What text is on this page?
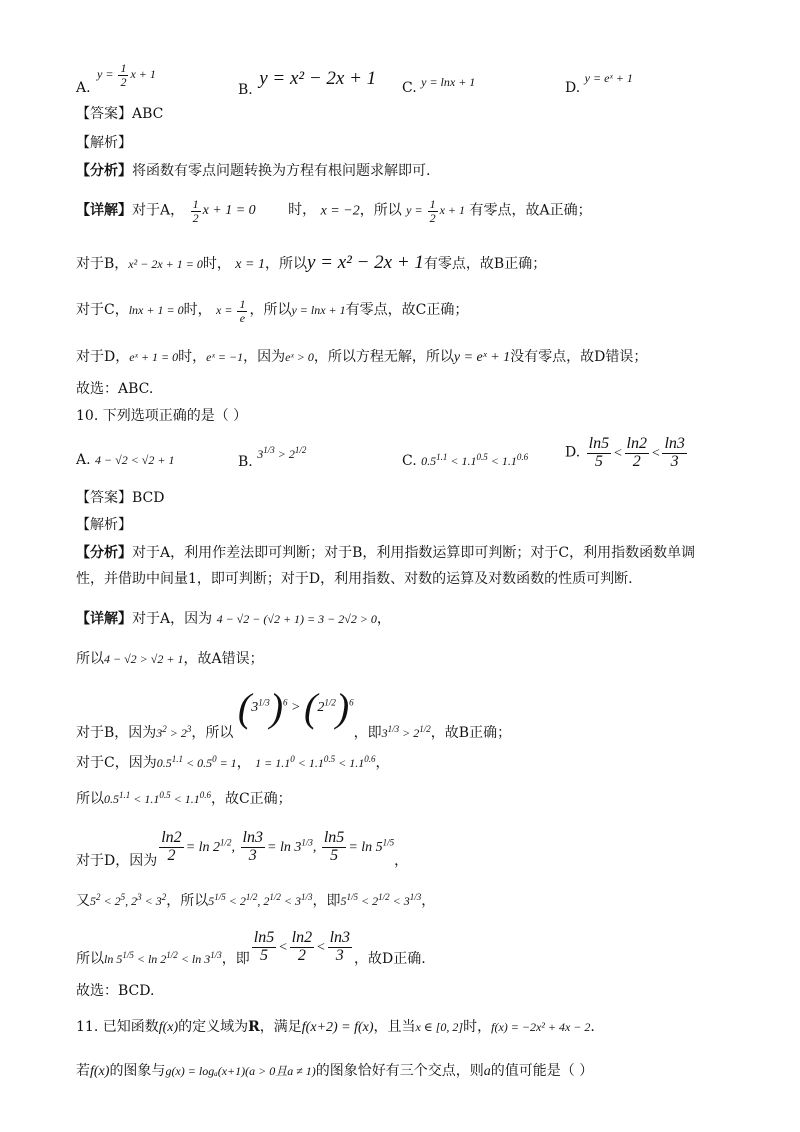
A. $y = \frac{1}{2}$ x + 1
B. y = x² − 2x + 1 C. y = lnx + 1	D. y = eˣ + 1
【答案】ABC
【解析】
【分析】将函数有零点问题转换为方程有根问题求解即可.
【详解】对于A， $\frac{1}{2}$ x + 1 = 0 时， x = −2，所以 $y = \frac{1}{2}$ x + 1 有零点，故A正确；
对于B，x² − 2x + 1 = 0时， x = 1，所以y = x² − 2x + 1有零点，故B正确；
对于C，lnx + 1 = 0时， $x = \frac{1}{e}$ ，所以y = lnx + 1有零点，故C正确；
对于D，eˣ + 1 = 0时，eˣ = −1，因为eˣ > 0，所以方程无解，所以y = eˣ + 1没有零点，故D错误；
故选：ABC.
10. 下列选项正确的是（ ）
A. 4 − √2 < √2 + 1	B. $3^{1/3} > 2^{1/2}$
C. $0.5^{1.1} < 1.1^{0.5} < 1.1^{0.6}$	D. $\frac{\ln 5}{5} < \frac{\ln 2}{2} < \frac{\ln 3}{3}$
【答案】BCD
【解析】
【分析】对于A，利用作差法即可判断；对于B，利用指数运算即可判断；对于C，利用指数函数单调
性，并借助中间量1，即可判断；对于D，利用指数、对数的运算及对数函数的性质可判断.
【详解】对于A，因为 4 − √2 − (√2 + 1) = 3 − 2√2 > 0，
所以4 − √2 > √2 + 1，故A错误；
对于B，因为$3^2 > 2^3$，所以 $(3^{1/3})^6 > (2^{1/2})^6$，即$3^{1/3} > 2^{1/2}$，故B正确；
对于C，因为$0.5^{1.1} < 0.5^0 = 1$， $1 = 1.1^0 < 1.1^{0.5} < 1.1^{0.6}$，
所以$0.5^{1.1} < 1.1^{0.5} < 1.1^{0.6}$，故C正确；
对于D，因为 $\frac{\ln 2}{2} = \ln 2^{1/2}$, $\frac{\ln 3}{3} = \ln 3^{1/3}$, $\frac{\ln 5}{5} = \ln 5^{1/5}$，
又$5^2 < 2^5$, $2^3 < 3^2$，所以$5^{1/5} < 2^{1/2}$, $2^{1/2} < 3^{1/3}$，即$5^{1/5} < 2^{1/2} < 3^{1/3}$，
所以$\ln 5^{1/5} < \ln 2^{1/2} < \ln 3^{1/3}$，即 $\frac{\ln 5}{5} < \frac{\ln 2}{2} < \frac{\ln 3}{3}$ ，故D正确.
故选：BCD.
11. 已知函数f(x)的定义域为R，满足f(x+2) = f(x)，且当x ∈ [0, 2]时，f(x) = −2x² + 4x − 2.
若f(x)的图象与g(x) = logₐ(x+1)(a > 0且a ≠ 1)的图象恰好有三个交点，则a的值可能是（ ）
